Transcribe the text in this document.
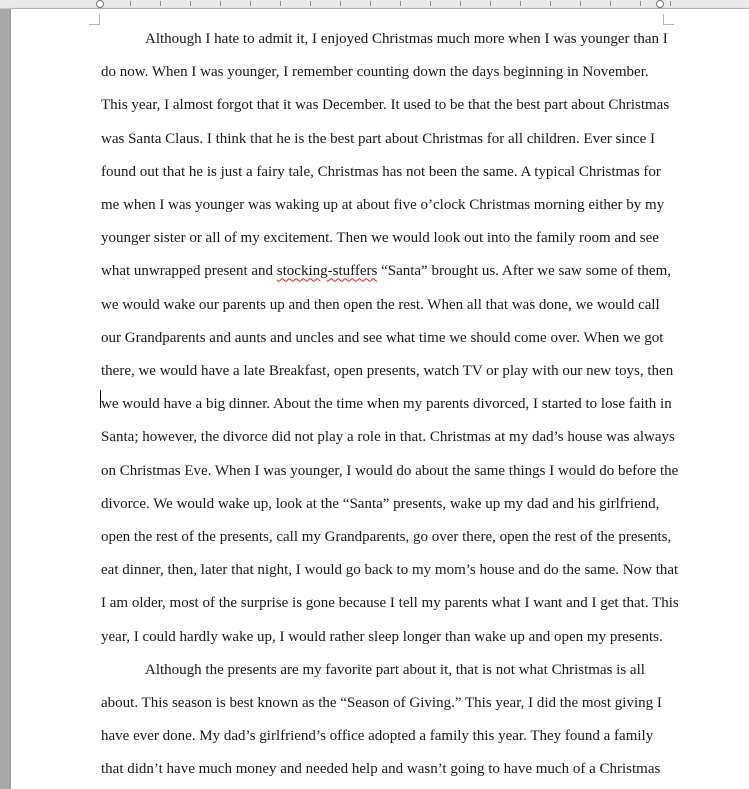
Although I hate to admit it, I enjoyed Christmas much more when I was younger than I
do now. When I was younger, I remember counting down the days beginning in November.
This year, I almost forgot that it was December. It used to be that the best part about Christmas
was Santa Claus. I think that he is the best part about Christmas for all children. Ever since I
found out that he is just a fairy tale, Christmas has not been the same. A typical Christmas for
me when I was younger was waking up at about five o’clock Christmas morning either by my
younger sister or all of my excitement. Then we would look out into the family room and see
what unwrapped present and stocking-stuffers “Santa” brought us. After we saw some of them,
we would wake our parents up and then open the rest. When all that was done, we would call
our Grandparents and aunts and uncles and see what time we should come over. When we got
there, we would have a late Breakfast, open presents, watch TV or play with our new toys, then
we would have a big dinner. About the time when my parents divorced, I started to lose faith in
Santa; however, the divorce did not play a role in that. Christmas at my dad’s house was always
on Christmas Eve. When I was younger, I would do about the same things I would do before the
divorce. We would wake up, look at the “Santa” presents, wake up my dad and his girlfriend,
open the rest of the presents, call my Grandparents, go over there, open the rest of the presents,
eat dinner, then, later that night, I would go back to my mom’s house and do the same. Now that
I am older, most of the surprise is gone because I tell my parents what I want and I get that. This
year, I could hardly wake up, I would rather sleep longer than wake up and open my presents.

Although the presents are my favorite part about it, that is not what Christmas is all
about. This season is best known as the “Season of Giving.” This year, I did the most giving I
have ever done. My dad’s girlfriend’s office adopted a family this year. They found a family
that didn’t have much money and needed help and wasn’t going to have much of a Christmas
